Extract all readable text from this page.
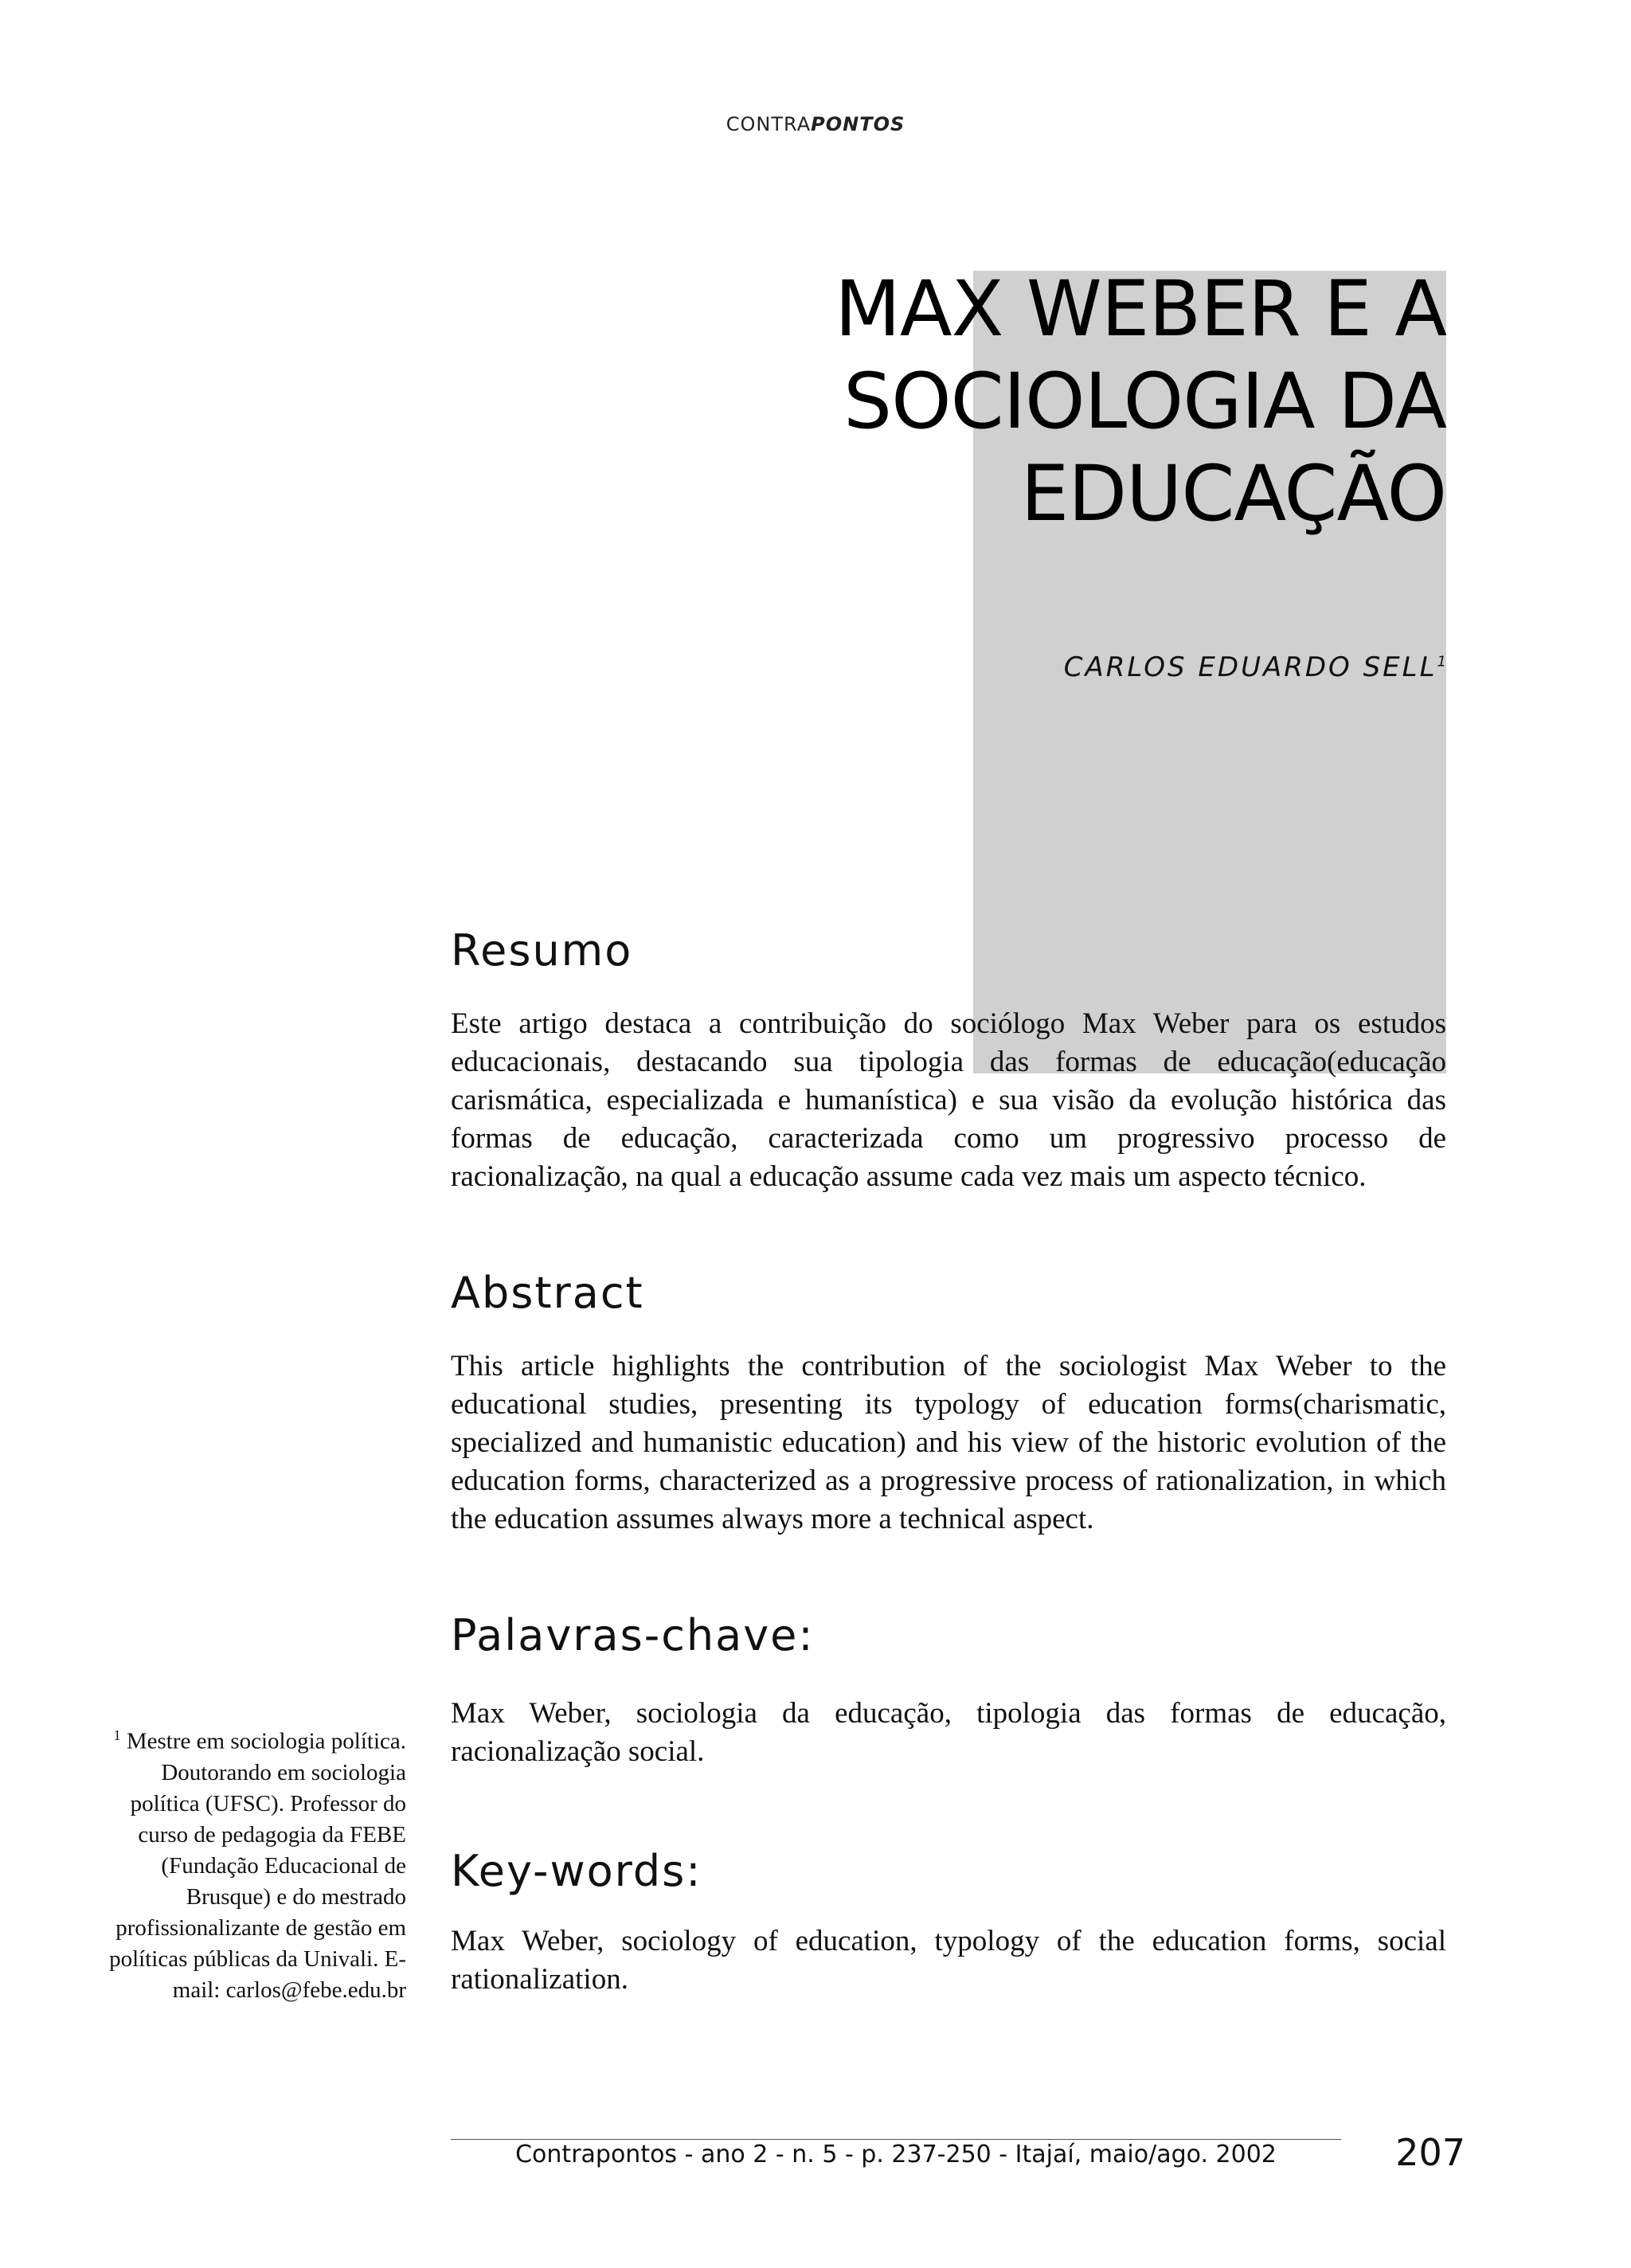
CONTRAPONTOS
MAX WEBER E A
SOCIOLOGIA DA
EDUCAÇÃO
CARLOS EDUARDO SELL$^1$
Resumo
Este artigo destaca a contribuição do sociólogo Max Weber para os estudos educacionais, destacando sua tipologia das formas de educação(educação carismática, especializada e humanística) e sua visão da evolução histórica das formas de educação, caracterizada como um progressivo processo de racionalização, na qual a educação assume cada vez mais um aspecto técnico.
Abstract
This article highlights the contribution of the sociologist Max Weber to the educational studies, presenting its typology of education forms(charismatic, specialized and humanistic education) and his view of the historic evolution of the education forms, characterized as a progressive process of rationalization, in which the education assumes always more a technical aspect.
Palavras-chave:
Max Weber, sociologia da educação, tipologia das formas de educação, racionalização social.
Key-words:
Max Weber, sociology of education, typology of the education forms, social rationalization.
$^1$ Mestre em sociologia política. Doutorando em sociologia política (UFSC). Professor do curso de pedagogia da FEBE (Fundação Educacional de Brusque) e do mestrado profissionalizante de gestão em políticas públicas da Univali. E-mail: carlos@febe.edu.br
Contrapontos - ano 2 - n. 5 - p. 237-250 - Itajaí, maio/ago. 2002	207
